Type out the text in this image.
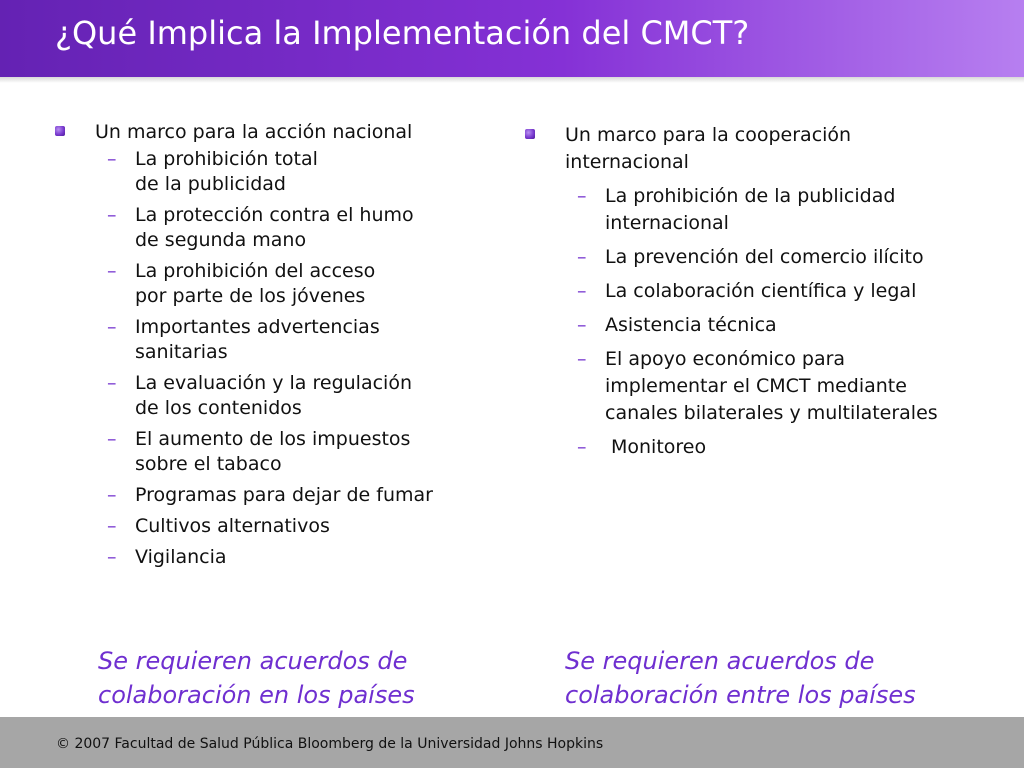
¿Qué Implica la Implementación del CMCT?
Un marco para la acción nacional
– La prohibición total
de la publicidad
– La protección contra el humo
de segunda mano
– La prohibición del acceso
por parte de los jóvenes
– Importantes advertencias
sanitarias
– La evaluación y la regulación
de los contenidos
– El aumento de los impuestos
sobre el tabaco
– Programas para dejar de fumar
– Cultivos alternativos
– Vigilancia
Un marco para la cooperación
internacional
– La prohibición de la publicidad
internacional
– La prevención del comercio ilícito
– La colaboración científica y legal
– Asistencia técnica
– El apoyo económico para
implementar el CMCT mediante
canales bilaterales y multilaterales
– Monitoreo
Se requieren acuerdos de
colaboración en los países
Se requieren acuerdos de
colaboración entre los países
© 2007 Facultad de Salud Pública Bloomberg de la Universidad Johns Hopkins
